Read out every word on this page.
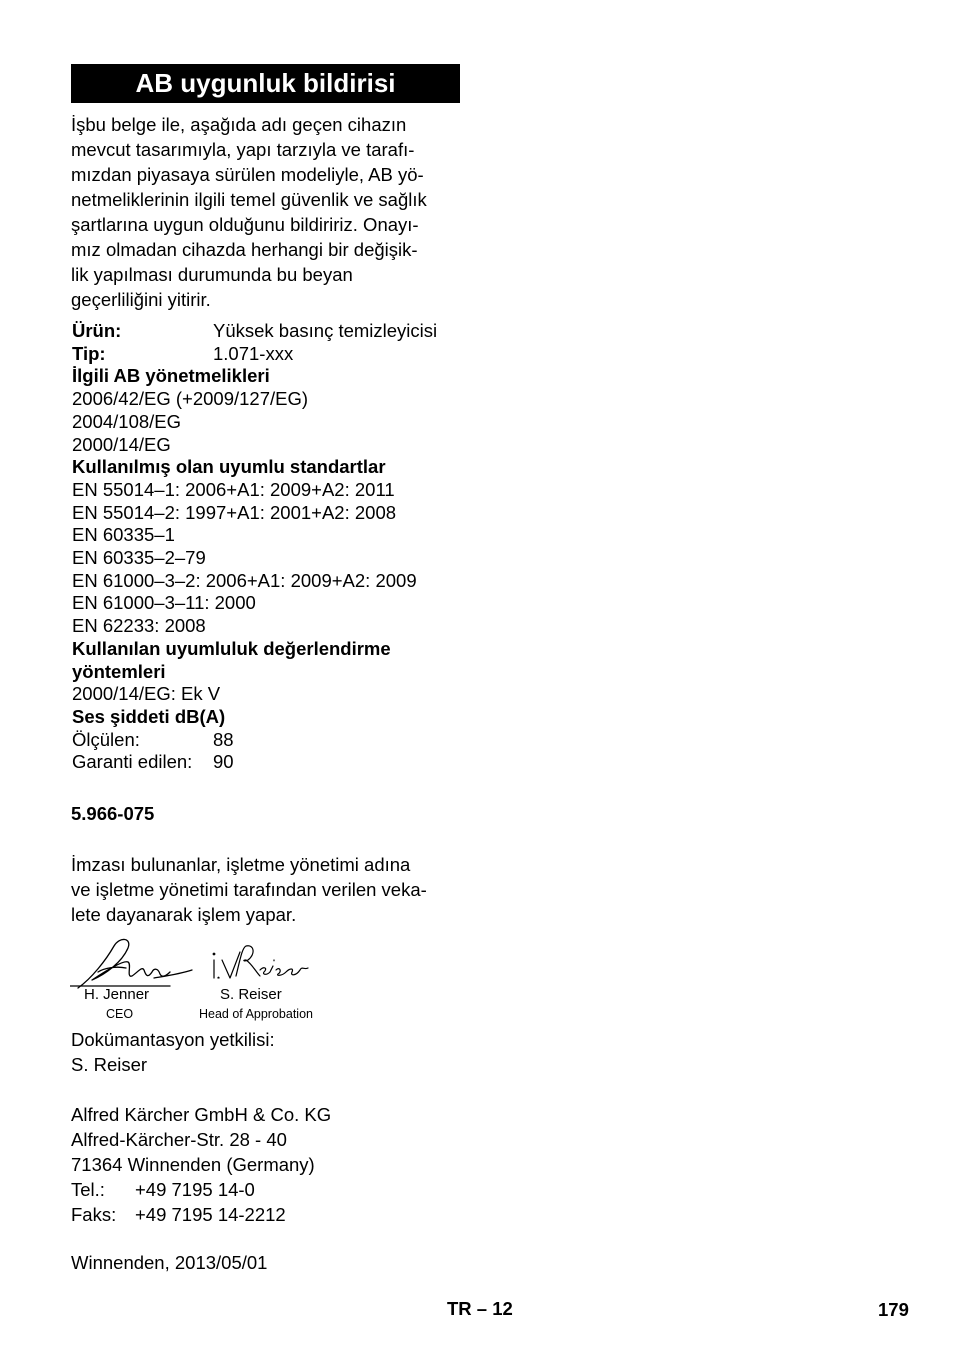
AB uygunluk bildirisi
İşbu belge ile, aşağıda adı geçen cihazın
mevcut tasarımıyla, yapı tarzıyla ve tarafı-
mızdan piyasaya sürülen modeliyle, AB yö-
netmeliklerinin ilgili temel güvenlik ve sağlık
şartlarına uygun olduğunu bildiririz. Onayı-
mız olmadan cihazda herhangi bir değişik-
lik yapılması durumunda bu beyan
geçerliliğini yitirir.
Ürün:	Yüksek basınç temizleyicisi
Tip:	1.071-xxx
İlgili AB yönetmelikleri
2006/42/EG (+2009/127/EG)
2004/108/EG
2000/14/EG
Kullanılmış olan uyumlu standartlar
EN 55014–1: 2006+A1: 2009+A2: 2011
EN 55014–2: 1997+A1: 2001+A2: 2008
EN 60335–1
EN 60335–2–79
EN 61000–3–2: 2006+A1: 2009+A2: 2009
EN 61000–3–11: 2000
EN 62233: 2008
Kullanılan uyumluluk değerlendirme
yöntemleri
2000/14/EG: Ek V
Ses şiddeti dB(A)
Ölçülen:	88
Garanti edilen:	90
5.966-075
İmzası bulunanlar, işletme yönetimi adına
ve işletme yönetimi tarafından verilen veka-
lete dayanarak işlem yapar.
H. Jenner
CEO
S. Reiser
Head of Approbation
Dokümantasyon yetkilisi:
S. Reiser
Alfred Kärcher GmbH & Co. KG
Alfred-Kärcher-Str. 28 - 40
71364 Winnenden (Germany)
Tel.:	+49 7195 14-0
Faks:	+49 7195 14-2212
Winnenden, 2013/05/01
TR – 12	179
